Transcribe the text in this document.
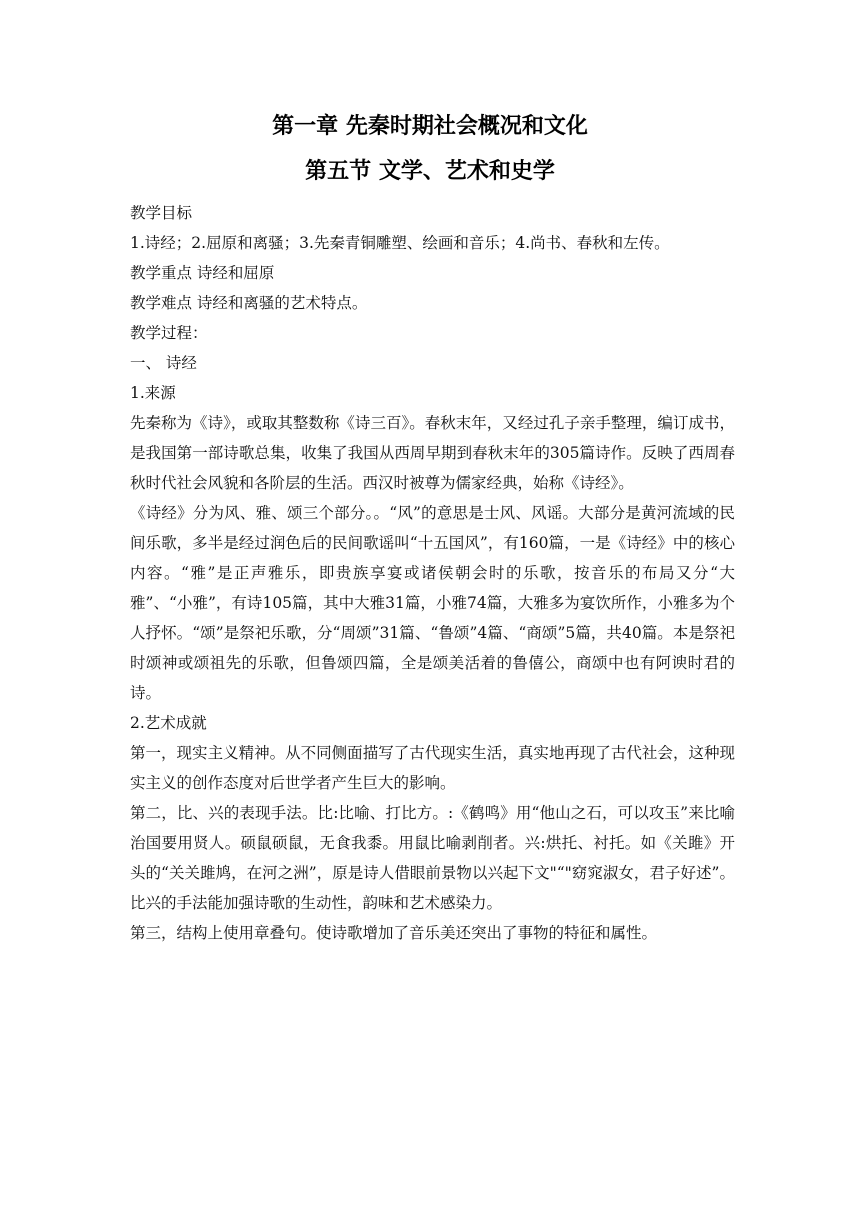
第一章 先秦时期社会概况和文化
第五节 文学、艺术和史学

教学目标

1.诗经；2.屈原和离骚；3.先秦青铜雕塑、绘画和音乐；4.尚书、春秋和左传。

教学重点 诗经和屈原

教学难点 诗经和离骚的艺术特点。

教学过程：

一、 诗经

1.来源

先秦称为《诗》，或取其整数称《诗三百》。春秋末年，又经过孔子亲手整理，编订成书，是我国第一部诗歌总集，收集了我国从西周早期到春秋末年的305篇诗作。反映了西周春秋时代社会风貌和各阶层的生活。西汉时被尊为儒家经典，始称《诗经》。

《诗经》分为风、雅、颂三个部分。。“风”的意思是士风、风谣。大部分是黄河流域的民间乐歌，多半是经过润色后的民间歌谣叫“十五国风”，有160篇，一是《诗经》中的核心内容。“雅”是正声雅乐，即贵族享宴或诸侯朝会时的乐歌，按音乐的布局又分“大雅”、“小雅”，有诗105篇，其中大雅31篇，小雅74篇，大雅多为宴饮所作，小雅多为个人抒怀。“颂”是祭祀乐歌，分“周颂”31篇、“鲁颂”4篇、“商颂”5篇，共40篇。本是祭祀时颂神或颂祖先的乐歌，但鲁颂四篇，全是颂美活着的鲁僖公，商颂中也有阿谀时君的诗。

2.艺术成就

第一，现实主义精神。从不同侧面描写了古代现实生活，真实地再现了古代社会，这种现实主义的创作态度对后世学者产生巨大的影响。

第二，比、兴的表现手法。比:比喻、打比方。:《鹤鸣》用“他山之石，可以攻玉”来比喻治国要用贤人。硕鼠硕鼠，无食我黍。用鼠比喻剥削者。兴:烘托、衬托。如《关雎》开头的“关关雎鸠，在河之洲”，原是诗人借眼前景物以兴起下文"“"窈窕淑女，君子好述”。比兴的手法能加强诗歌的生动性，韵味和艺术感染力。

第三，结构上使用章叠句。使诗歌增加了音乐美还突出了事物的特征和属性。
